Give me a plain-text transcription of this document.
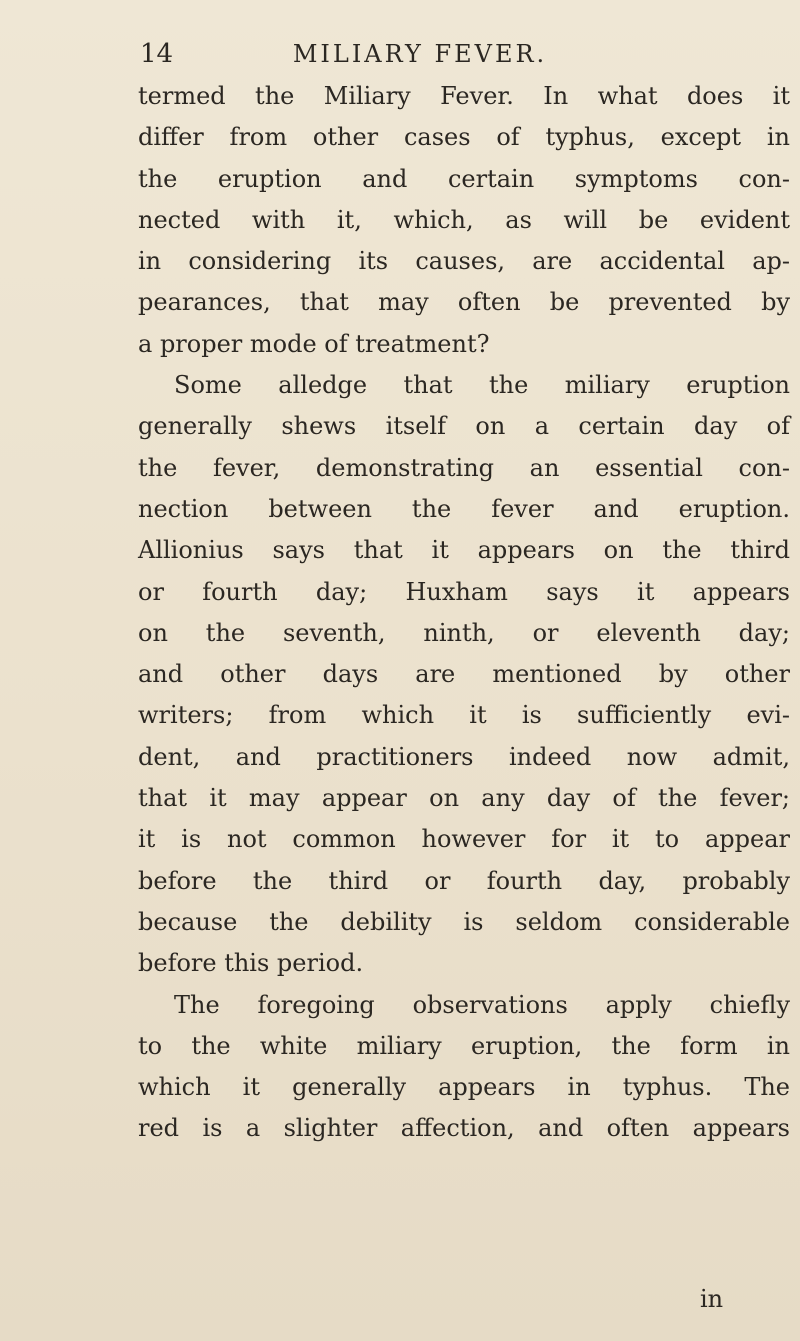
14	MILIARY FEVER.
termed the Miliary Fever. In what does it
differ from other cases of typhus, except in
the eruption and certain symptoms con-
nected with it, which, as will be evident
in considering its causes, are accidental ap-
pearances, that may often be prevented by
a proper mode of treatment?
Some alledge that the miliary eruption
generally shews itself on a certain day of
the fever, demonstrating an essential con-
nection between the fever and eruption.
Allionius says that it appears on the third
or fourth day; Huxham says it appears
on the seventh, ninth, or eleventh day;
and other days are mentioned by other
writers; from which it is sufficiently evi-
dent, and practitioners indeed now admit,
that it may appear on any day of the fever;
it is not common however for it to appear
before the third or fourth day, probably
because the debility is seldom considerable
before this period.
The foregoing observations apply chiefly
to the white miliary eruption, the form in
which it generally appears in typhus. The
red is a slighter affection, and often appears
in
